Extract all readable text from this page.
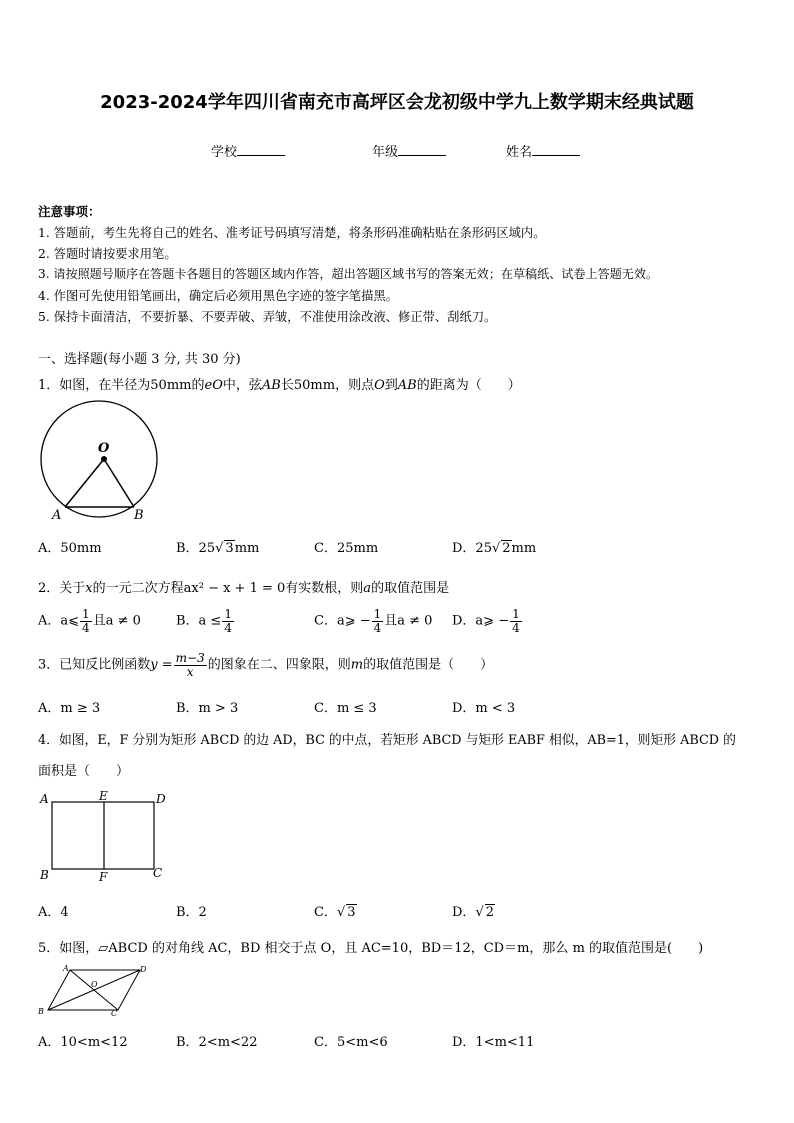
2023-2024学年四川省南充市高坪区会龙初级中学九上数学期末经典试题
学校	年级	姓名
注意事项：
1. 答题前，考生先将自己的姓名、准考证号码填写清楚，将条形码准确粘贴在条形码区域内。
2. 答题时请按要求用笔。
3. 请按照题号顺序在答题卡各题目的答题区域内作答，超出答题区域书写的答案无效；在草稿纸、试卷上答题无效。
4. 作图可先使用铅笔画出，确定后必须用黑色字迹的签字笔描黑。
5. 保持卡面清洁，不要折暴、不要弄破、弄皱，不准使用涂改液、修正带、刮纸刀。
一、选择题(每小题 3 分, 共 30 分)
1．如图，在半径为50mm的eO中，弦AB长50mm，则点O到AB的距离为（　　）
O
A	B
A．50mm	B．25√ 3mm	C．25mm	D．25√ 2mm
2．关于x的一元二次方程ax² − x + 1 = 0有实数根，则a的取值范围是
A．a⩽ $\frac{1}{4}$ 且a ≠ 0	B．$a \le \frac{1}{4}$	C．a⩾ − $\frac{1}{4}$ 且a ≠ 0 D．a⩾ − $\frac{1}{4}$
3．已知反比例函数$y = \frac{m-3}{x}$ 的图象在二、四象限，则m的取值范围是（　　）
A．m ≥ 3	B．m > 3	C．m ≤ 3	D．m < 3
4．如图，E，F 分别为矩形 ABCD 的边 AD，BC 的中点，若矩形 ABCD 与矩形 EABF 相似，AB=1，则矩形 ABCD 的
面积是（　　）
A	E	D
B	F	C
A．4	B．2	C．√ 3	D．√ 2
5．如图，▱ABCD 的对角线 AC，BD 相交于点 O，且 AC=10，BD＝12，CD＝m，那么 m 的取值范围是(　　)
A	D
O
B	C
A．10<m<12	B．2<m<22	C．5<m<6	D．1<m<11
